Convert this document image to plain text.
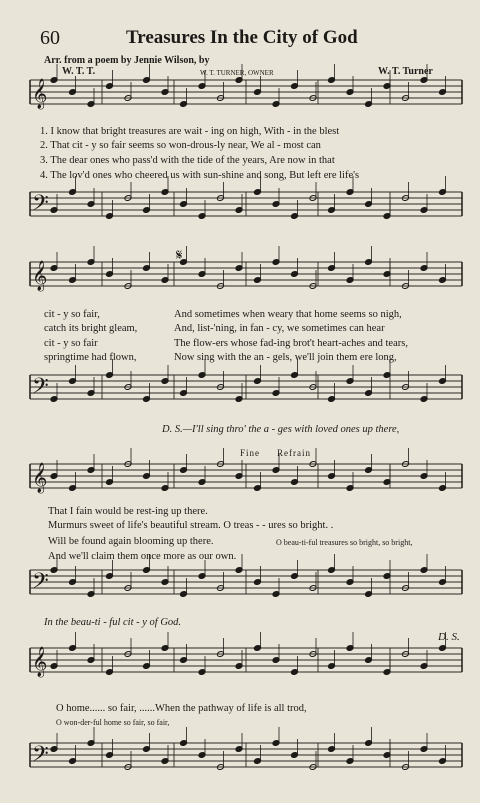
60	Treasures In the City of God
Arr. from a poem by Jennie Wilson, by
W. T. T.	W. T. TURNER, OWNER	W. T. Turner
𝄞
𝄢
𝄞
𝄢
𝄞
𝄢
𝄞
𝄢
1. I know that bright treasures are wait - ing on high, With - in the blest
2. That cit - y so fair seems so won-drous-ly near, We al - most can
3. The dear ones who pass'd with the tide of the years, Are now in that
4. The lov'd ones who cheered us with sun-shine and song, But left ere life's
𝄋
cit - y so fair,
catch its bright gleam,
cit - y so fair
springtime had flown,
And sometimes when weary that home seems so nigh,
And, list-'ning, in fan - cy, we sometimes can hear
The flow-ers whose fad-ing brot't heart-aches and tears,
Now sing with the an - gels, we'll join them ere long,
D. S.—I'll sing thro' the a - ges with loved ones up there,
Fine Refrain
That I fain would be rest-ing up there.
Murmurs sweet of life's beautiful stream. O treas - - ures so bright. .
Will be found again blooming up there.
And we'll claim them once more as our own.
O beau-ti-ful treasures so bright, so bright,
In the beau-ti - ful cit - y of God.
D. S.
O home...... so fair, ......When the pathway of life is all trod,
O won-der-ful home so fair, so fair,
